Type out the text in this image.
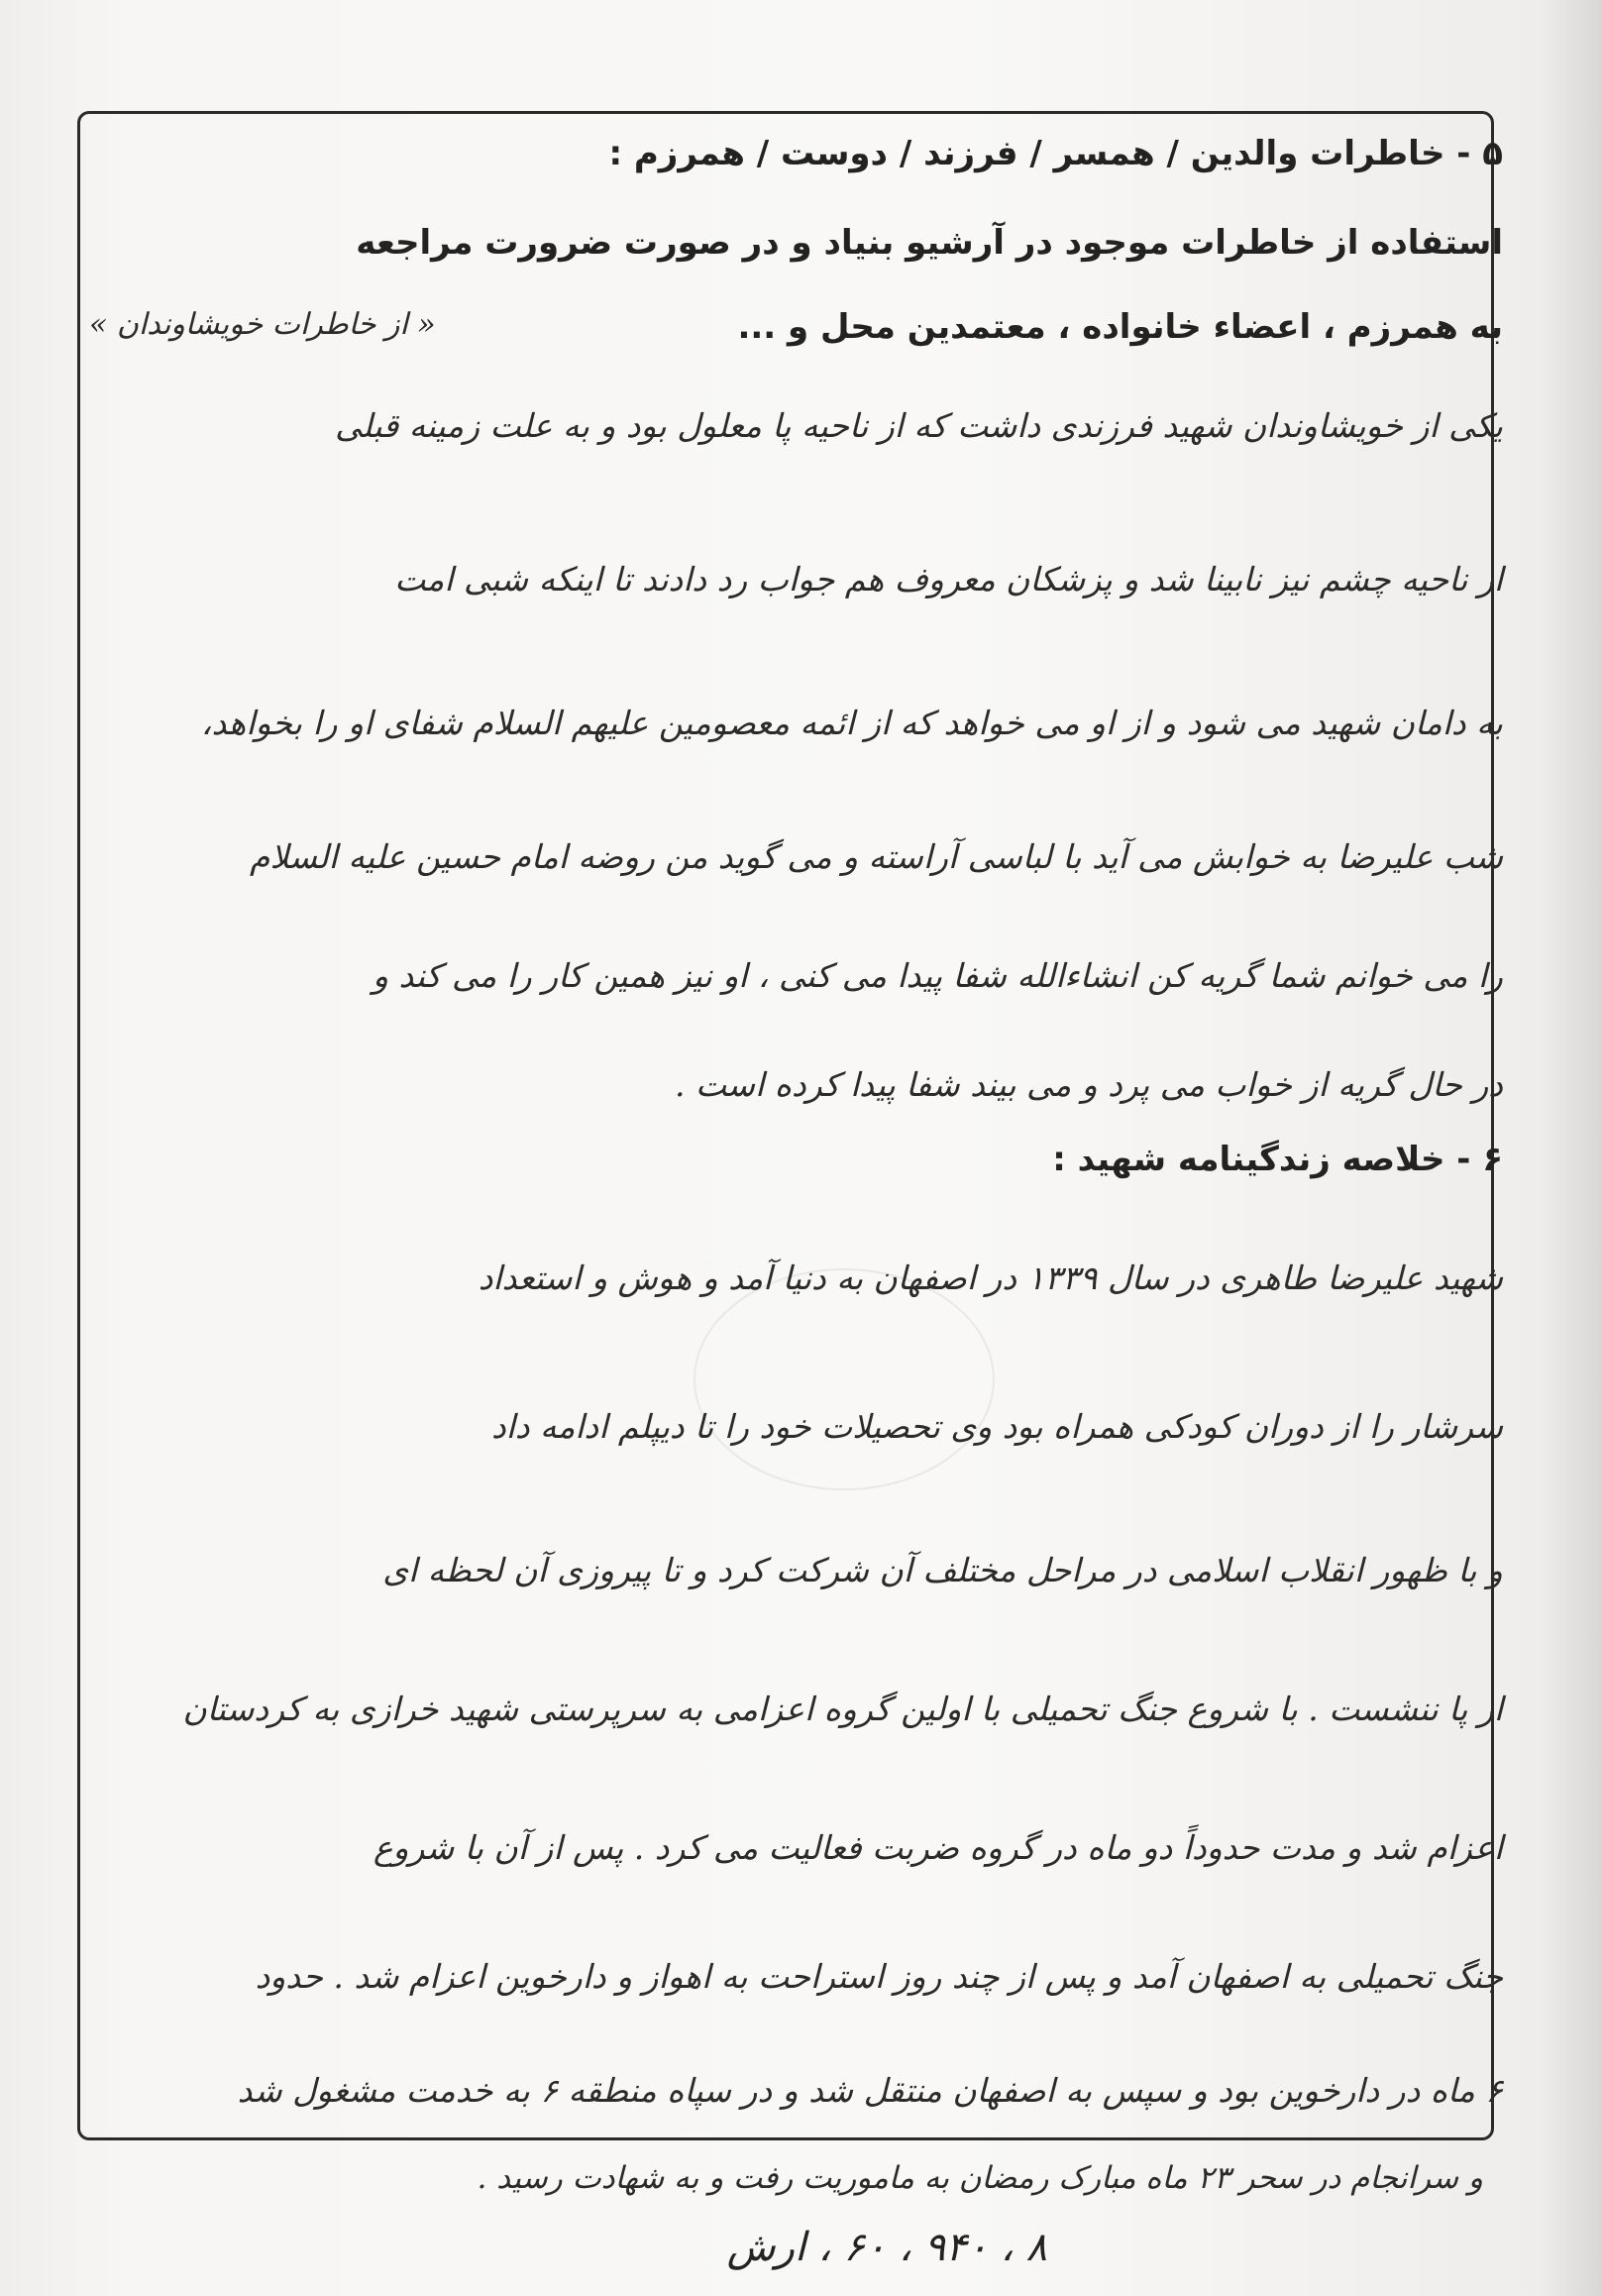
۵ - خاطرات والدین / همسر / فرزند / دوست / همرزم :
استفاده از خاطرات موجود در آرشیو بنیاد و در صورت ضرورت مراجعه
به همرزم ، اعضاء خانواده ، معتمدین محل و ...
« از خاطرات خویشاوندان »
یکی از خویشاوندان شهید فرزندی داشت که از ناحیه پا معلول بود و به علت زمینه قبلی
از ناحیه چشم نیز نابینا شد و پزشکان معروف هم جواب رد دادند تا اینکه شبی امت
به دامان شهید می شود و از او می خواهد که از ائمه معصومین علیهم السلام شفای او را بخواهد،
شب علیرضا به خوابش می آید با لباسی آراسته و می گوید من روضه امام حسین علیه السلام
را می خوانم شما گریه کن انشاءالله شفا پیدا می کنی ، او نیز همین کار را می کند و
در حال گریه از خواب می پرد و می بیند شفا پیدا کرده است .
۶ - خلاصه زندگینامه شهید :
شهید علیرضا طاهری در سال ۱۳۳۹ در اصفهان به دنیا آمد و هوش و استعداد
سرشار را از دوران کودکی همراه بود وی تحصیلات خود را تا دیپلم ادامه داد
و با ظهور انقلاب اسلامی در مراحل مختلف آن شرکت کرد و تا پیروزی آن لحظه ای
از پا ننشست . با شروع جنگ تحمیلی با اولین گروه اعزامی به سرپرستی شهید خرازی به کردستان
اعزام شد و مدت حدوداً دو ماه در گروه ضربت فعالیت می کرد . پس از آن با شروع
جنگ تحمیلی به اصفهان آمد و پس از چند روز استراحت به اهواز و دارخوین اعزام شد . حدود
۶ ماه در دارخوین بود و سپس به اصفهان منتقل شد و در سپاه منطقه ۶ به خدمت مشغول شد
و سرانجام در سحر ۲۳ ماه مبارک رمضان به ماموریت رفت و به شهادت رسید .
۸ ، ۹۴۰ ، ۶۰ ، ارش
